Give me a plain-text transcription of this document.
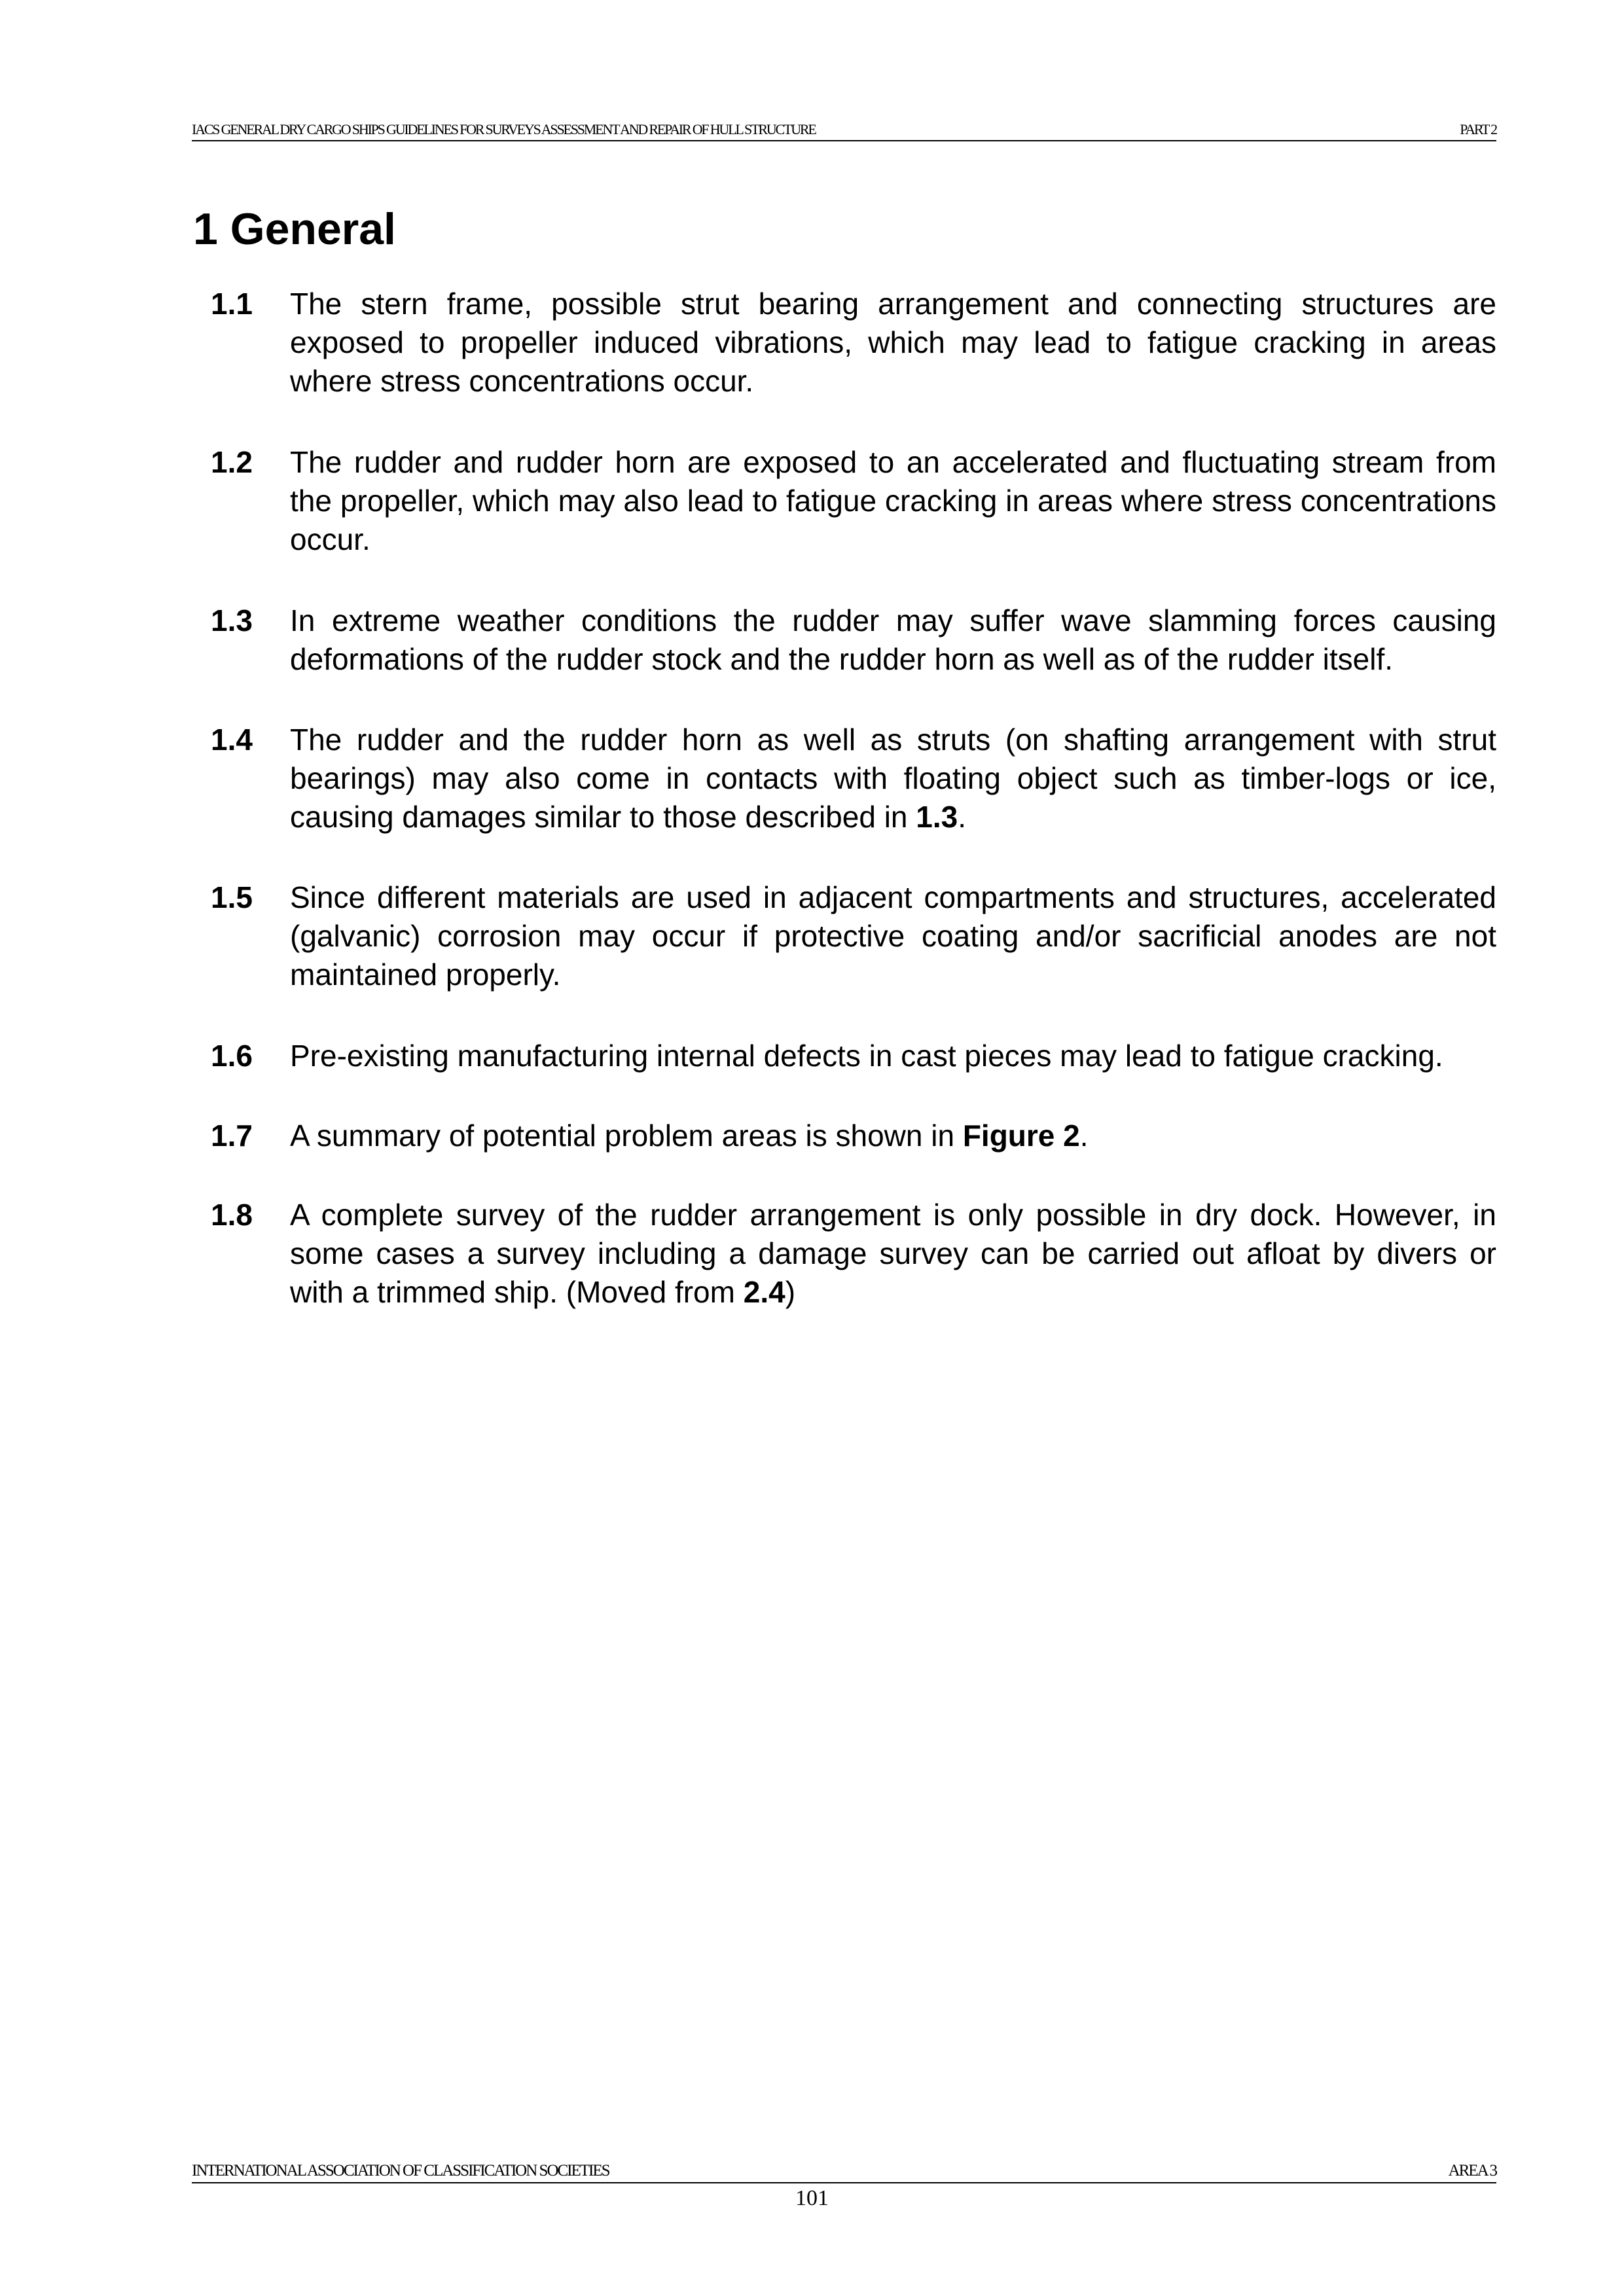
IACS GENERAL DRY CARGO SHIPS GUIDELINES FOR SURVEYS ASSESSMENT AND REPAIR OF HULL STRUCTURE	PART 2
1 General
1.1 The stern frame, possible strut bearing arrangement and connecting structures are exposed to propeller induced vibrations, which may lead to fatigue cracking in areas where stress concentrations occur.
1.2 The rudder and rudder horn are exposed to an accelerated and fluctuating stream from the propeller, which may also lead to fatigue cracking in areas where stress concentrations occur.
1.3 In extreme weather conditions the rudder may suffer wave slamming forces causing deformations of the rudder stock and the rudder horn as well as of the rudder itself.
1.4 The rudder and the rudder horn as well as struts (on shafting arrangement with strut bearings) may also come in contacts with floating object such as timber-logs or ice, causing damages similar to those described in 1.3.
1.5 Since different materials are used in adjacent compartments and structures, accelerated (galvanic) corrosion may occur if protective coating and/or sacrificial anodes are not maintained properly.
1.6 Pre-existing manufacturing internal defects in cast pieces may lead to fatigue cracking.
1.7 A summary of potential problem areas is shown in Figure 2.
1.8 A complete survey of the rudder arrangement is only possible in dry dock. However, in some cases a survey including a damage survey can be carried out afloat by divers or with a trimmed ship. (Moved from 2.4)
INTERNATIONAL ASSOCIATION OF CLASSIFICATION SOCIETIES	AREA 3
101
